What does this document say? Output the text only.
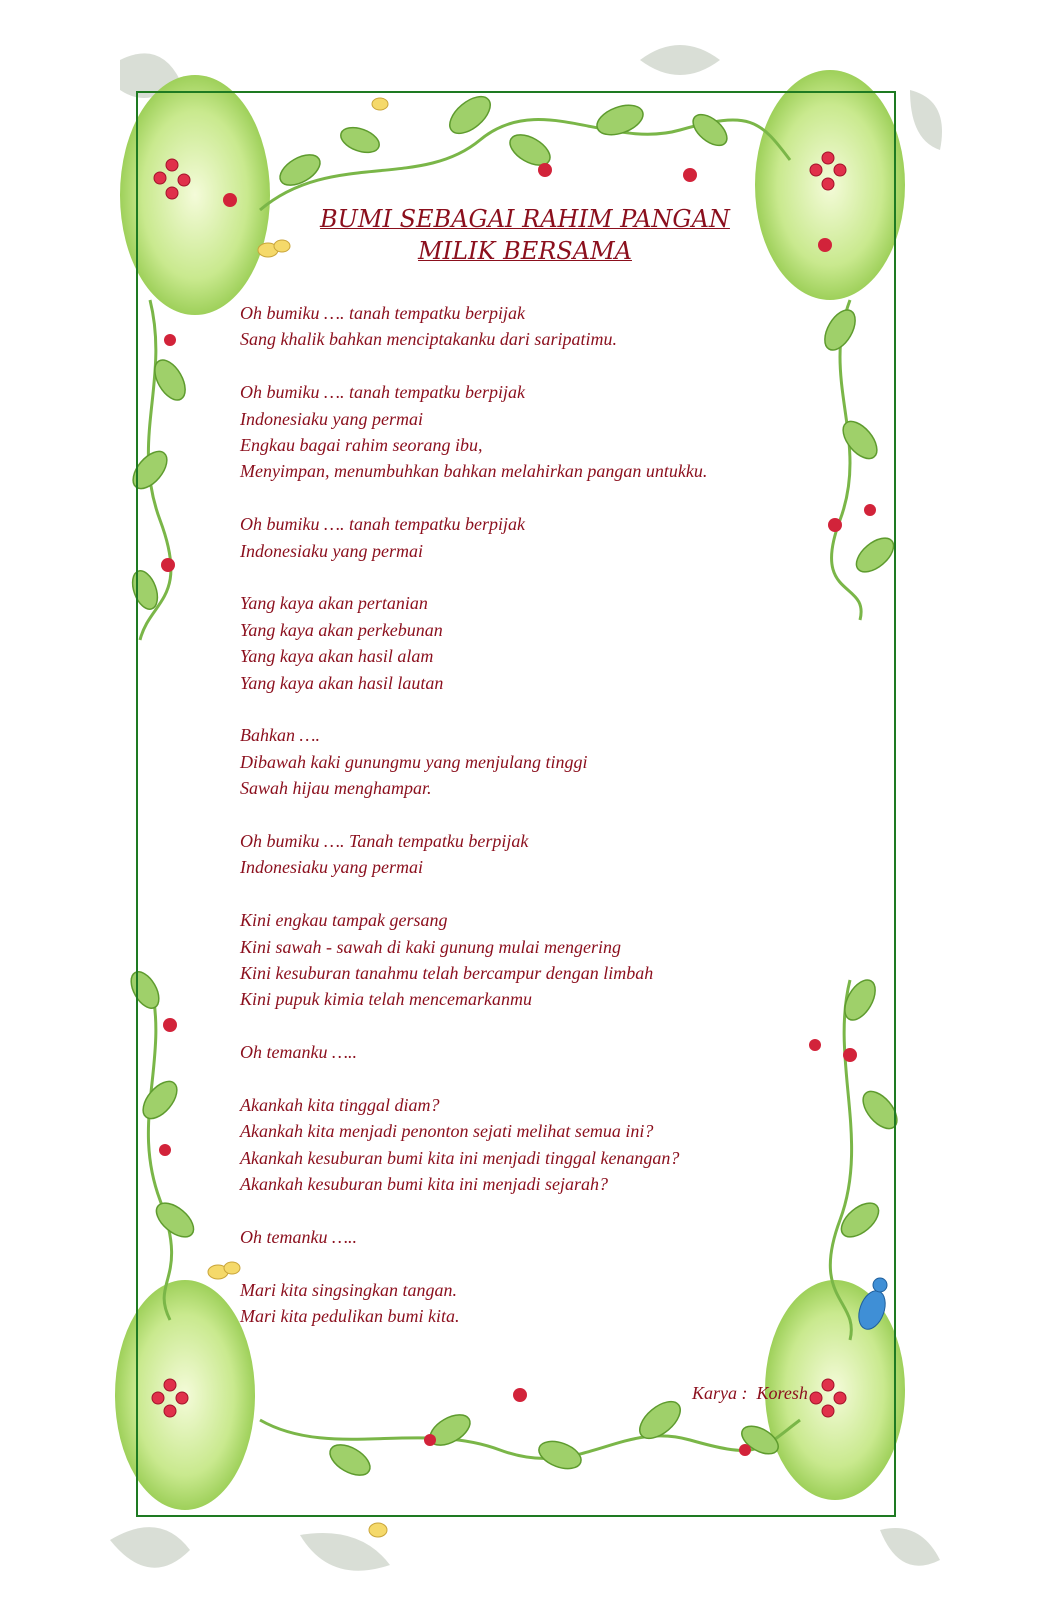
BUMI SEBAGAI RAHIM PANGAN
MILIK BERSAMA
Oh bumiku …. tanah tempatku berpijak
Sang khalik bahkan menciptakanku dari saripatimu.
Oh bumiku …. tanah tempatku berpijak
Indonesiaku yang permai
Engkau bagai rahim seorang ibu,
Menyimpan, menumbuhkan bahkan melahirkan pangan untukku.
Oh bumiku …. tanah tempatku berpijak
Indonesiaku yang permai
Yang kaya akan pertanian
Yang kaya akan perkebunan
Yang kaya akan hasil alam
Yang kaya akan hasil lautan
Bahkan ….
Dibawah kaki gunungmu yang menjulang tinggi
Sawah hijau menghampar.
Oh bumiku …. Tanah tempatku berpijak
Indonesiaku yang permai
Kini engkau tampak gersang
Kini sawah - sawah di kaki gunung mulai mengering
Kini kesuburan tanahmu telah bercampur dengan limbah
Kini pupuk kimia telah mencemarkanmu
Oh temanku …..
Akankah kita tinggal diam?
Akankah kita menjadi penonton sejati melihat semua ini?
Akankah kesuburan bumi kita ini menjadi tinggal kenangan?
Akankah kesuburan bumi kita ini menjadi sejarah?
Oh temanku …..
Mari kita singsingkan tangan.
Mari kita pedulikan bumi kita.
Karya :  Koresh
